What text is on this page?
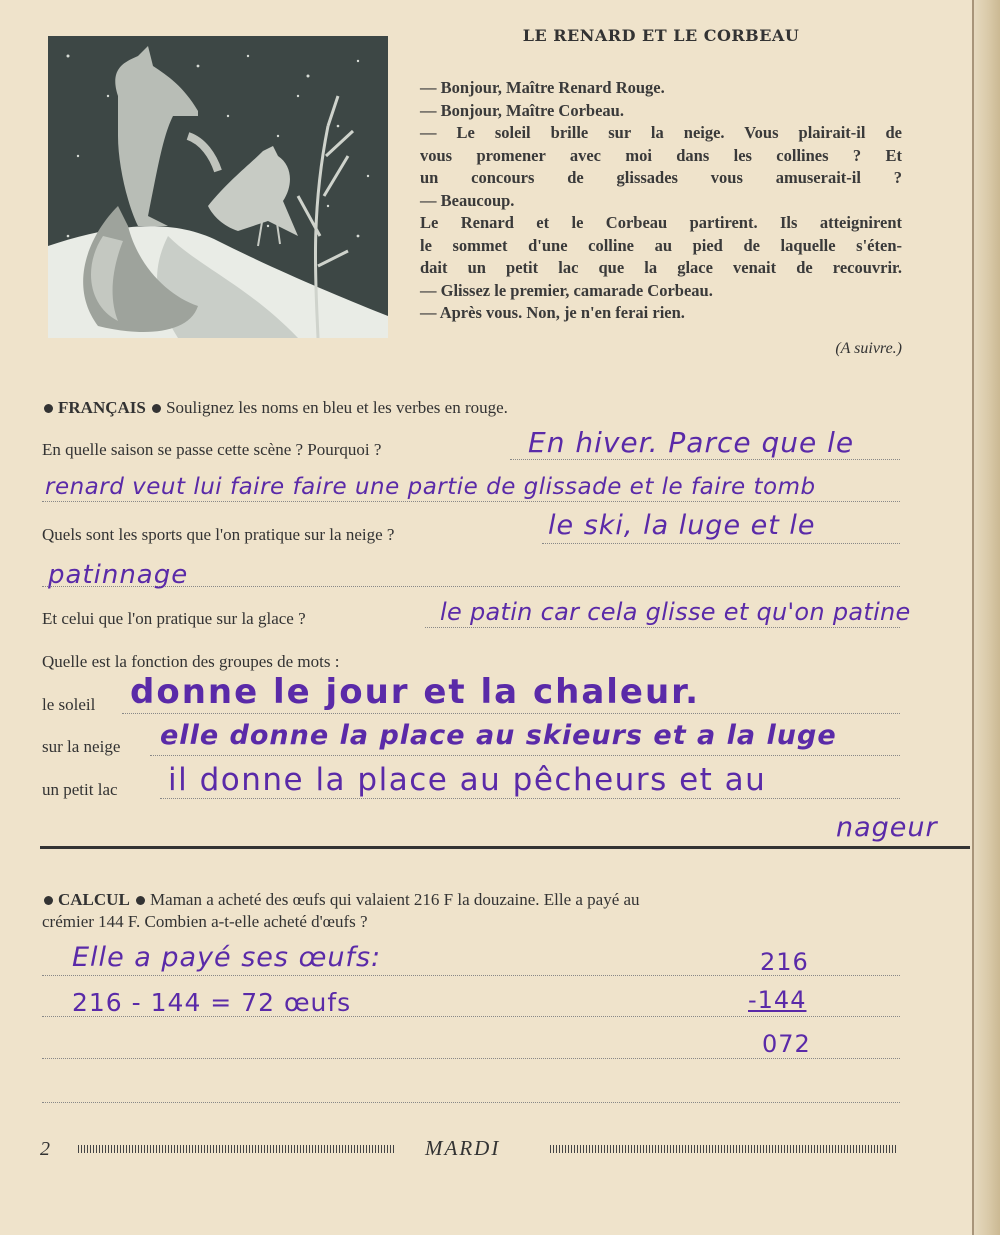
LE RENARD ET LE CORBEAU
— Bonjour, Maître Renard Rouge.
— Bonjour, Maître Corbeau.
— Le soleil brille sur la neige. Vous plairait-il de
vous promener avec moi dans les collines ? Et
un concours de glissades vous amuserait-il ?
— Beaucoup.
Le Renard et le Corbeau partirent. Ils atteignirent
le sommet d'une colline au pied de laquelle s'éten-
dait un petit lac que la glace venait de recouvrir.
— Glissez le premier, camarade Corbeau.
— Après vous. Non, je n'en ferai rien.
(A suivre.)
FRANÇAIS Soulignez les noms en bleu et les verbes en rouge.
En quelle saison se passe cette scène ? Pourquoi ?	En hiver. Parce que le
renard veut lui faire faire une partie de glissade et le faire tomb
Quels sont les sports que l'on pratique sur la neige ?	le ski, la luge et le
patinnage
Et celui que l'on pratique sur la glace ?	le patin car cela glisse et qu'on patine
Quelle est la fonction des groupes de mots :
le soleil donne le jour et la chaleur.
sur la neige elle donne la place au skieurs et a la luge
un petit lac il donne la place au pêcheurs et au
nageur
CALCUL Maman a acheté des œufs qui valaient 216 F la douzaine. Elle a payé au
crémier 144 F. Combien a-t-elle acheté d'œufs ?
Elle a payé ses œufs:	216
216 - 144 = 72 œufs	-144
072
2	MARDI
